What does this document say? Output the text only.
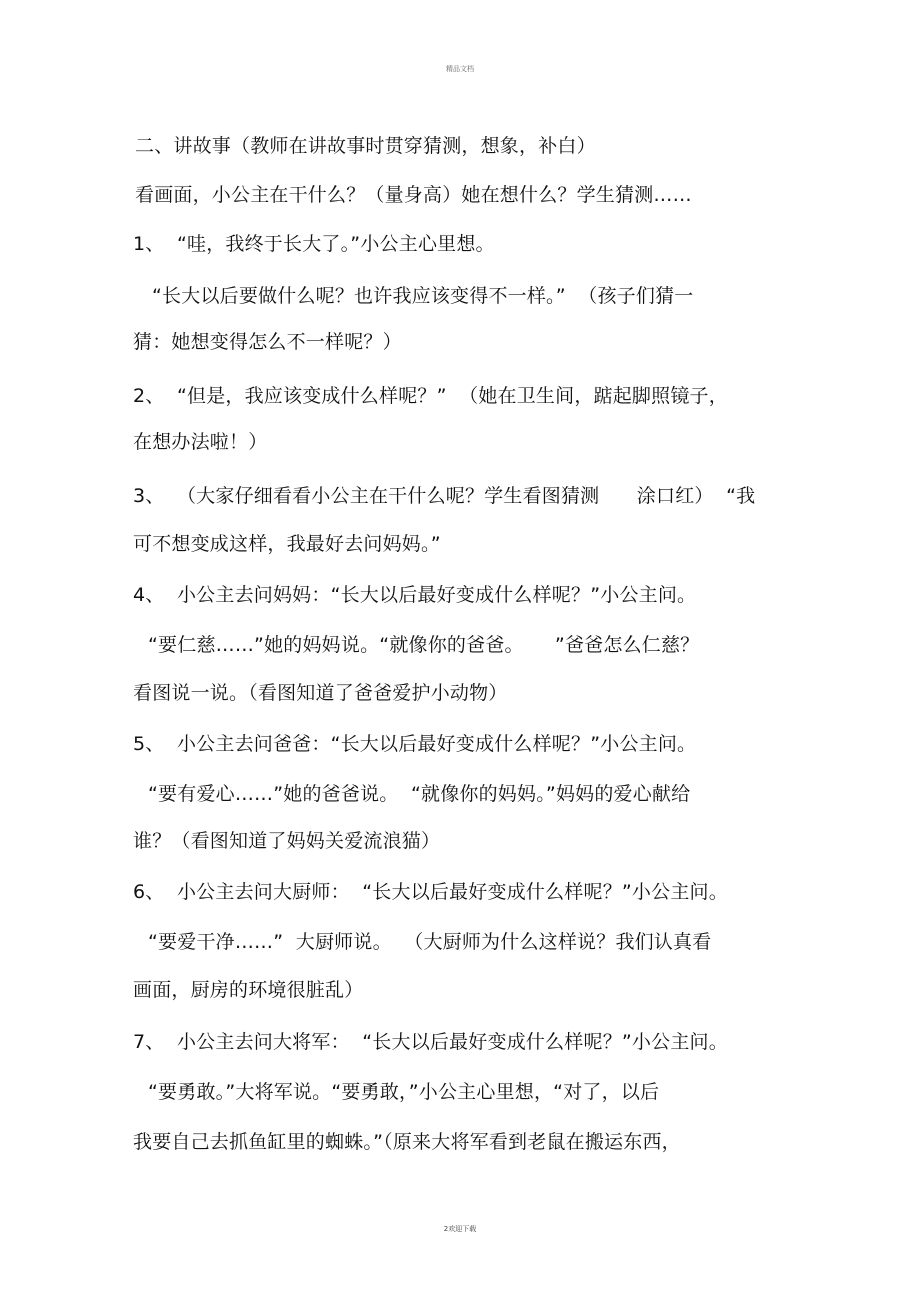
精品文档
二、讲故事（教师在讲故事时贯穿猜测，想象，补白）
看画面，小公主在干什么？（量身高）她在想什么？学生猜测……
1、  “哇，我终于长大了。”小公主心里想。
“长大以后要做什么呢？也许我应该变得不一样。”  （孩子们猜一
猜：她想变得怎么不一样呢？）
2、  “但是，我应该变成什么样呢？”  （她在卫生间，踮起脚照镜子，
在想办法啦！）
3、  （大家仔细看看小公主在干什么呢？学生看图猜测      涂口红）  “我
可不想变成这样，我最好去问妈妈。”
4、  小公主去问妈妈：“长大以后最好变成什么样呢？”小公主问。
“要仁慈……”她的妈妈说。“就像你的爸爸。     ”爸爸怎么仁慈？
看图说一说。（看图知道了爸爸爱护小动物）
5、  小公主去问爸爸：“长大以后最好变成什么样呢？”小公主问。
“要有爱心……”她的爸爸说。  “就像你的妈妈。”妈妈的爱心献给
谁？（看图知道了妈妈关爱流浪猫）
6、  小公主去问大厨师：  “长大以后最好变成什么样呢？”小公主问。
“要爱干净……”  大厨师说。  （大厨师为什么这样说？我们认真看
画面，厨房的环境很脏乱）
7、  小公主去问大将军：  “长大以后最好变成什么样呢？”小公主问。
“要勇敢。”大将军说。“要勇敢，”小公主心里想，“对了，以后
我要自己去抓鱼缸里的蜘蛛。”（原来大将军看到老鼠在搬运东西，
2欢迎下载
